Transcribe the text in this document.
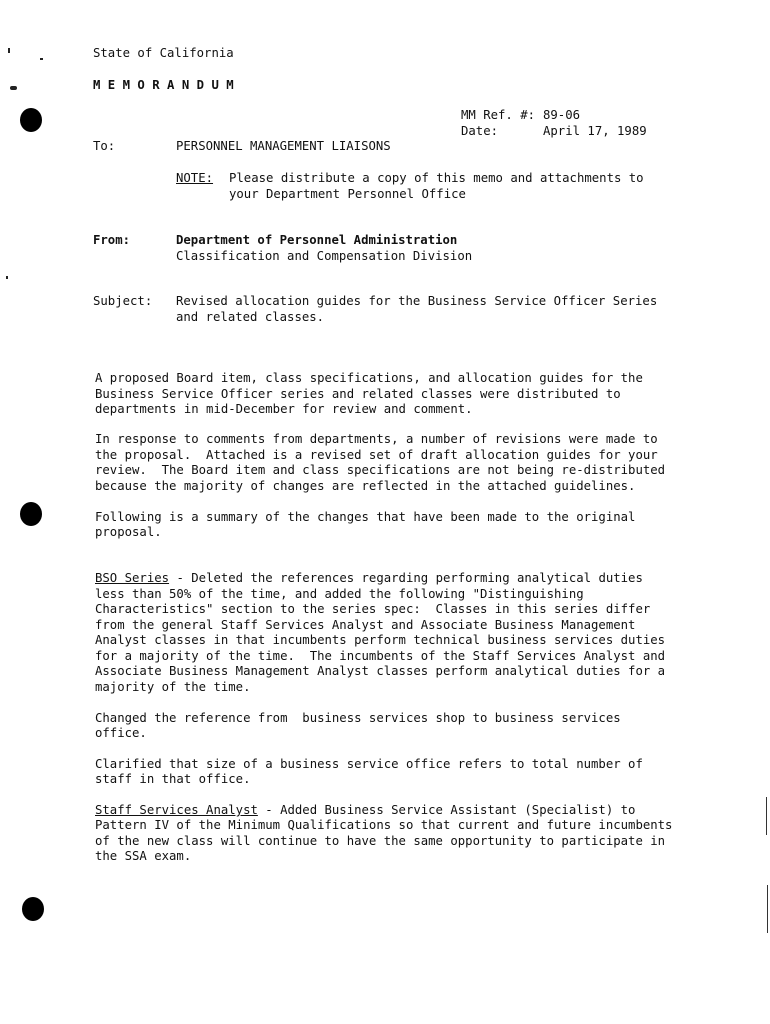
State of California
M E M O R A N D U M
MM Ref. #: 89-06
Date:	April 17, 1989
To:	PERSONNEL MANAGEMENT LIAISONS
NOTE: Please distribute a copy of this memo and attachments to
your Department Personnel Office
From:	Department of Personnel Administration
Classification and Compensation Division
Subject: Revised allocation guides for the Business Service Officer Series
and related classes.
A proposed Board item, class specifications, and allocation guides for the
Business Service Officer series and related classes were distributed to
departments in mid-December for review and comment.
In response to comments from departments, a number of revisions were made to
the proposal.  Attached is a revised set of draft allocation guides for your
review.  The Board item and class specifications are not being re-distributed
because the majority of changes are reflected in the attached guidelines.
Following is a summary of the changes that have been made to the original
proposal.
BSO Series - Deleted the references regarding performing analytical duties
less than 50% of the time, and added the following "Distinguishing
Characteristics" section to the series spec:  Classes in this series differ
from the general Staff Services Analyst and Associate Business Management
Analyst classes in that incumbents perform technical business services duties
for a majority of the time.  The incumbents of the Staff Services Analyst and
Associate Business Management Analyst classes perform analytical duties for a
majority of the time.
Changed the reference from  business services shop to business services
office.
Clarified that size of a business service office refers to total number of
staff in that office.
Staff Services Analyst - Added Business Service Assistant (Specialist) to
Pattern IV of the Minimum Qualifications so that current and future incumbents
of the new class will continue to have the same opportunity to participate in
the SSA exam.
